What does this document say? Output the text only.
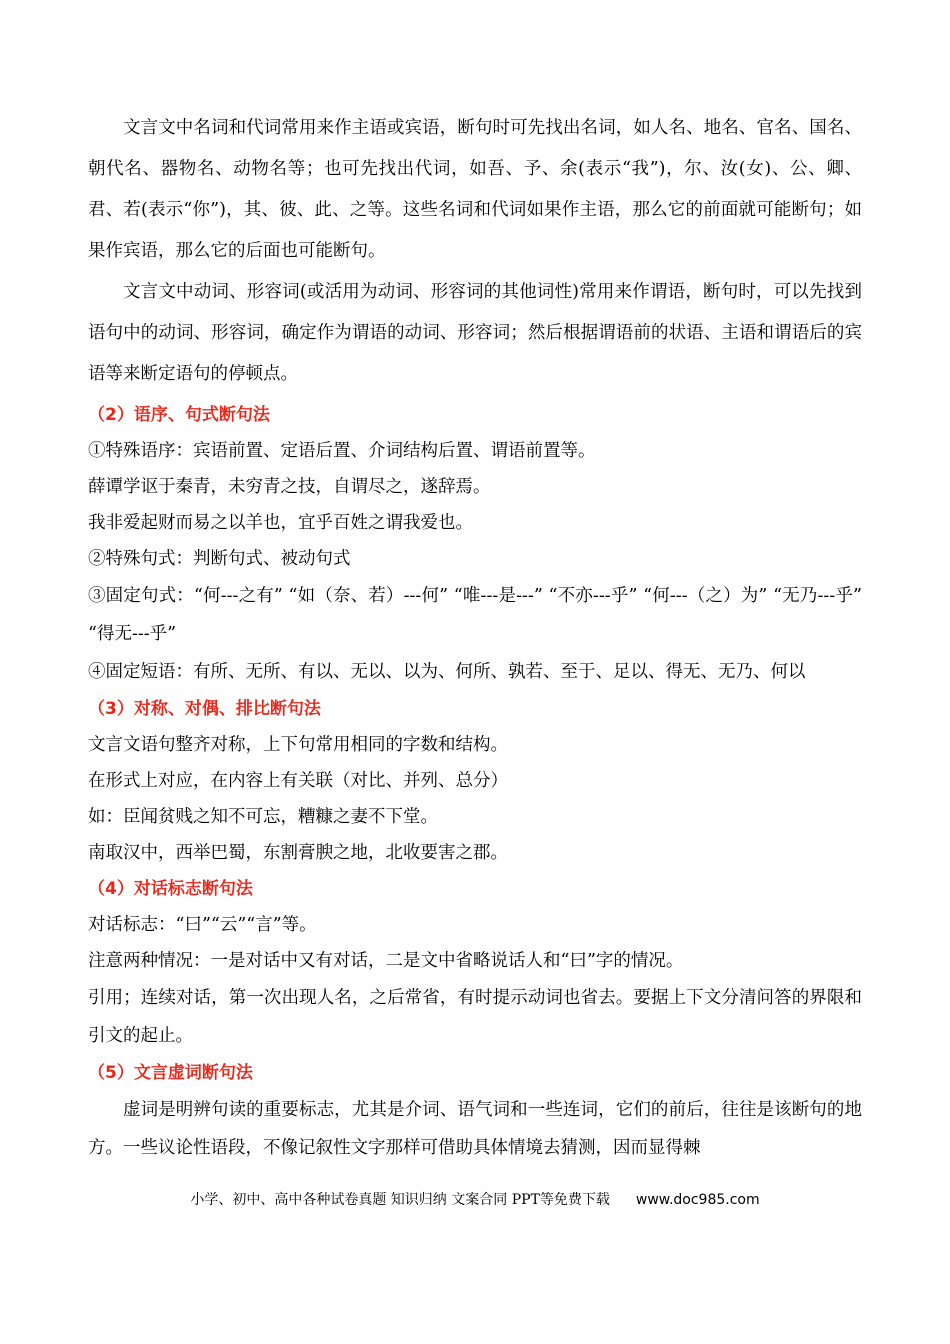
文言文中名词和代词常用来作主语或宾语，断句时可先找出名词，如人名、地名、官名、国名、朝代名、器物名、动物名等；也可先找出代词，如吾、予、余(表示“我”)，尔、汝(女)、公、卿、君、若(表示“你”)，其、彼、此、之等。这些名词和代词如果作主语，那么它的前面就可能断句；如果作宾语，那么它的后面也可能断句。

文言文中动词、形容词(或活用为动词、形容词的其他词性)常用来作谓语，断句时，可以先找到语句中的动词、形容词，确定作为谓语的动词、形容词；然后根据谓语前的状语、主语和谓语后的宾语等来断定语句的停顿点。

（2）语序、句式断句法

①特殊语序：宾语前置、定语后置、介词结构后置、谓语前置等。

薛谭学讴于秦青，未穷青之技，自谓尽之，遂辞焉。

我非爱起财而易之以羊也，宜乎百姓之谓我爱也。

②特殊句式：判断句式、被动句式

③固定句式：“何---之有” “如（奈、若）---何” “唯---是---” “不亦---乎” “何---（之）为” “无乃---乎” “得无---乎”

④固定短语：有所、无所、有以、无以、以为、何所、孰若、至于、足以、得无、无乃、何以

（3）对称、对偶、排比断句法

文言文语句整齐对称，上下句常用相同的字数和结构。

在形式上对应，在内容上有关联（对比、并列、总分）

如：臣闻贫贱之知不可忘，糟糠之妻不下堂。

南取汉中，西举巴蜀，东割膏腴之地，北收要害之郡。

（4）对话标志断句法

对话标志：“曰”“云”“言”等。

注意两种情况：一是对话中又有对话，二是文中省略说话人和“曰”字的情况。

引用；连续对话，第一次出现人名，之后常省，有时提示动词也省去。要据上下文分清问答的界限和引文的起止。

（5）文言虚词断句法

虚词是明辨句读的重要标志，尤其是介词、语气词和一些连词，它们的前后，往往是该断句的地方。一些议论性语段，不像记叙性文字那样可借助具体情境去猜测，因而显得棘

小学、初中、高中各种试卷真题 知识归纳 文案合同 PPT等免费下载 www.doc985.com
